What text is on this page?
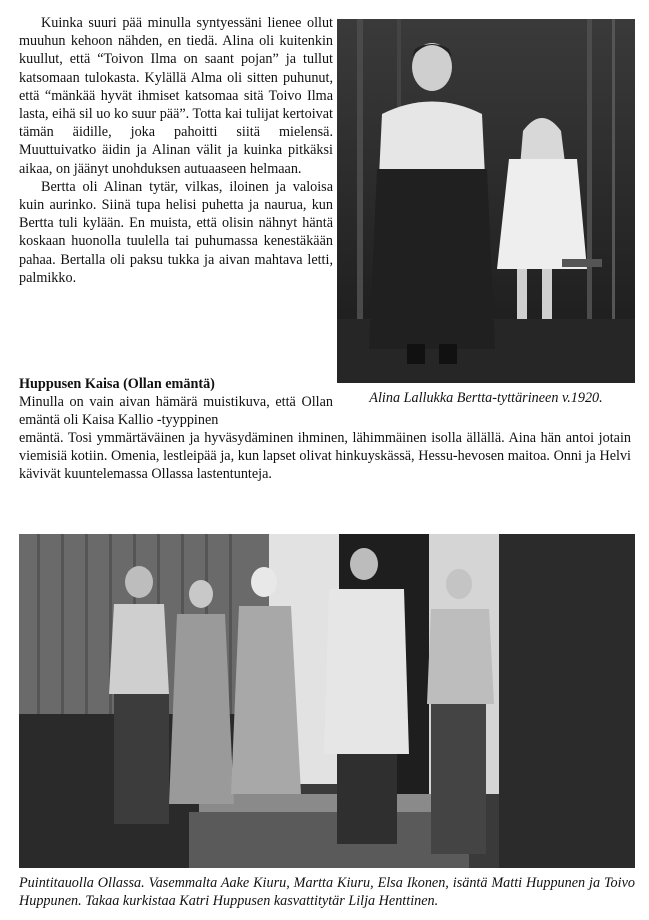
Kuinka suuri pää minulla syntyessäni lienee ollut muuhun kehoon nähden, en tiedä. Alina oli kuitenkin kuullut, että “Toivon Ilma on saant pojan” ja tullut katsomaan tulokasta. Kylällä Alma oli sitten puhunut, että “mänkää hyvät ihmiset katsomaa sitä Toivo Ilma lasta, eihä sil uo ko suur pää”. Totta kai tulijat kertoivat tämän äidille, joka pahoitti siitä mielensä. Muuttuivatko äidin ja Alinan välit ja kuinka pitkäksi aikaa, on jäänyt unohduksen autuaaseen helmaan.

Bertta oli Alinan tytär, vilkas, iloinen ja valoisa kuin aurinko. Siinä tupa helisi puhetta ja naurua, kun Bertta tuli kylään. En muista, että olisin nähnyt häntä koskaan huonolla tuulella tai puhumassa kenestäkään pahaa. Bertalla oli paksu tukka ja aivan mahtava letti, palmikko.

Alina Lallukka Bertta-tyttärineen v.1920.

Huppusen Kaisa (Ollan emäntä)

Minulla on vain aivan hämärä muistikuva, että Ollan emäntä oli Kaisa Kallio -tyyppinen

emäntä. Tosi ymmärtäväinen ja hyväsydäminen ihminen, lähimmäinen isolla ällällä. Aina hän antoi jotain viemisiä kotiin. Omenia, lestleipää ja, kun lapset olivat hinkuyskässä, Hessu-hevosen maitoa. Onni ja Helvi kävivät kuuntelemassa Ollassa lastentunteja.

Puintitauolla Ollassa. Vasemmalta Aake Kiuru, Martta Kiuru, Elsa Ikonen, isäntä Matti Huppunen ja Toivo Huppunen. Takaa kurkistaa Katri Huppusen kasvattitytär Lilja Henttinen.
